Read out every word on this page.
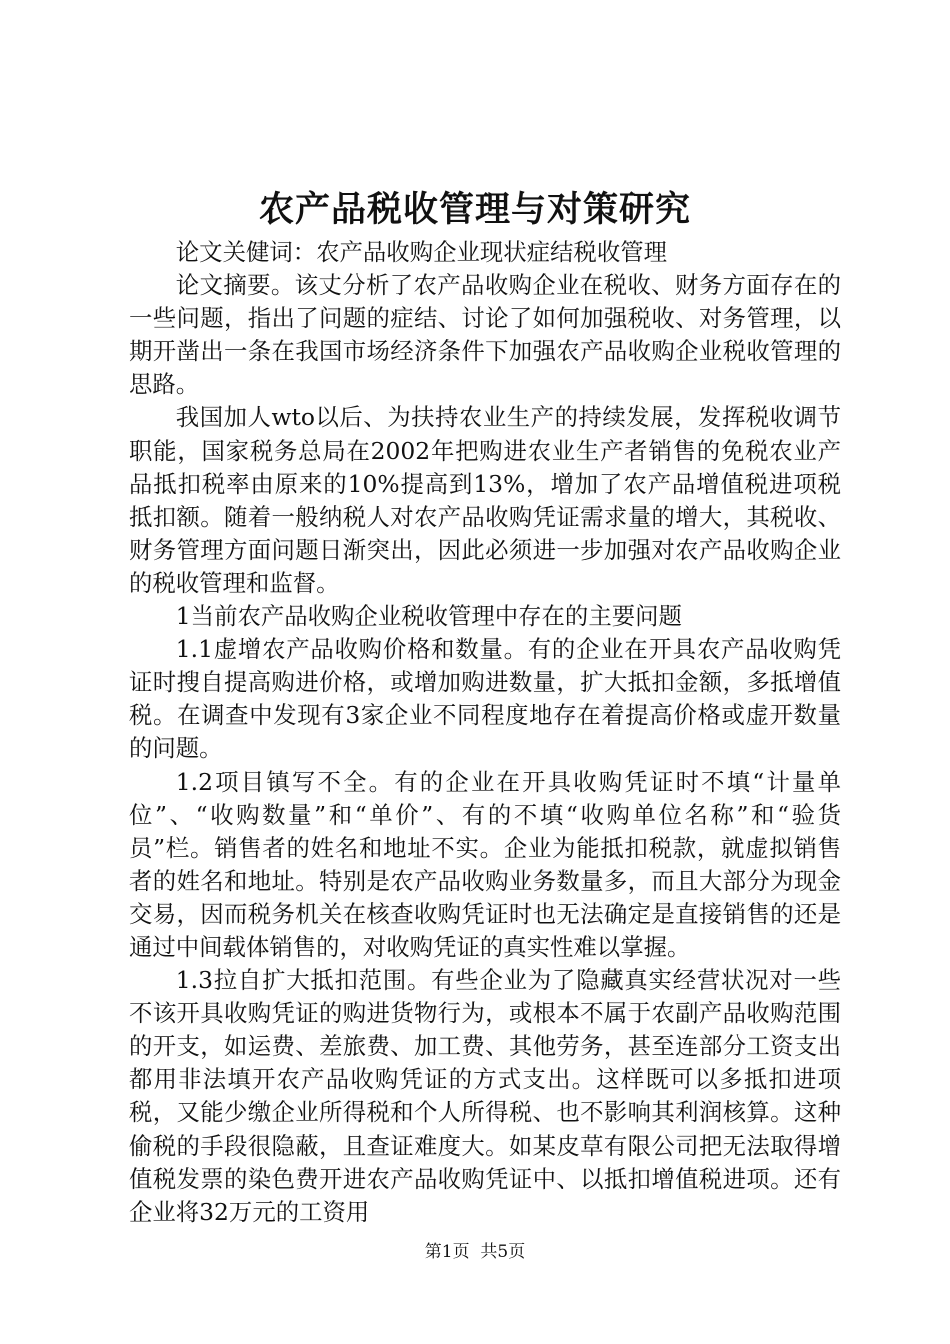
农产品税收管理与对策研究

论文关健词：农产品收购企业现状症结税收管理

论文摘要。该丈分析了农产品收购企业在税收、财务方面存在的一些问题，指出了问题的症结、讨论了如何加强税收、对务管理，以期开凿出一条在我国市场经济条件下加强农产品收购企业税收管理的思路。

我国加人wto以后、为扶持农业生产的持续发展，发挥税收调节职能，国家税务总局在2002年把购进农业生产者销售的免税农业产品抵扣税率由原来的10%提高到13%，增加了农产品增值税进项税抵扣额。随着一般纳税人对农产品收购凭证需求量的增大，其税收、财务管理方面问题日渐突出，因此必须进一步加强对农产品收购企业的税收管理和监督。

1当前农产品收购企业税收管理中存在的主要问题

1.1虚增农产品收购价格和数量。有的企业在开具农产品收购凭证时搜自提高购进价格，或增加购进数量，扩大抵扣金额，多抵增值税。在调查中发现有3家企业不同程度地存在着提高价格或虚开数量的问题。

1.2项目镇写不全。有的企业在开具收购凭证时不填“计量单位”、“收购数量”和“单价”、有的不填“收购单位名称”和“验货员”栏。销售者的姓名和地址不实。企业为能抵扣税款，就虚拟销售者的姓名和地址。特别是农产品收购业务数量多，而且大部分为现金交易，因而税务机关在核查收购凭证时也无法确定是直接销售的还是通过中间载体销售的，对收购凭证的真实性难以掌握。

1.3拉自扩大抵扣范围。有些企业为了隐藏真实经营状况对一些不该开具收购凭证的购进货物行为，或根本不属于农副产品收购范围的开支，如运费、差旅费、加工费、其他劳务，甚至连部分工资支出都用非法填开农产品收购凭证的方式支出。这样既可以多抵扣进项税，又能少缴企业所得税和个人所得税、也不影响其利润核算。这种偷税的手段很隐蔽，且查证难度大。如某皮草有限公司把无法取得增值税发票的染色费开进农产品收购凭证中、以抵扣增值税进项。还有企业将32万元的工资用

第1页 共5页
